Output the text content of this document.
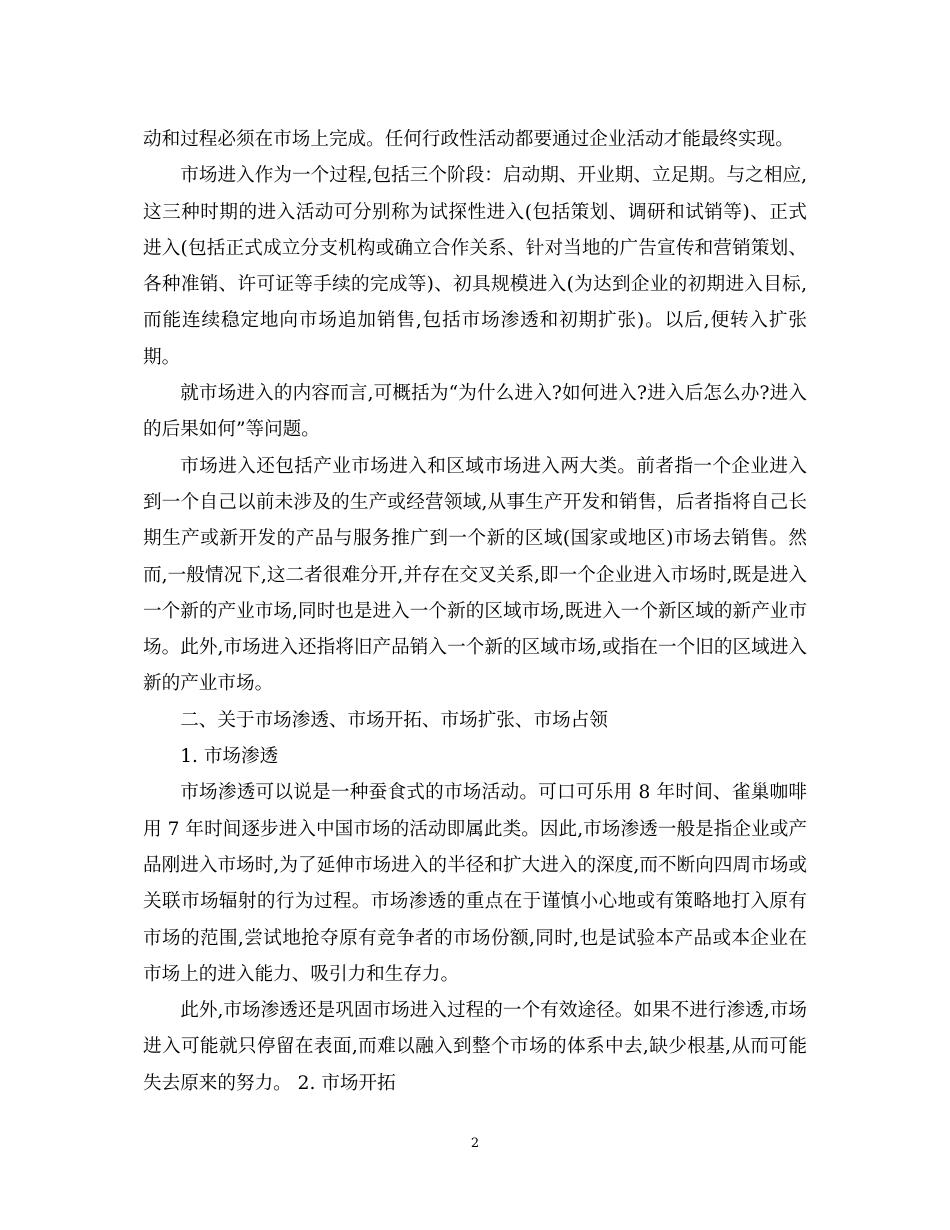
动和过程必须在市场上完成。任何行政性活动都要通过企业活动才能最终实现。

市场进入作为一个过程,包括三个阶段：启动期、开业期、立足期。与之相应,这三种时期的进入活动可分别称为试探性进入(包括策划、调研和试销等)、正式进入(包括正式成立分支机构或确立合作关系、针对当地的广告宣传和营销策划、各种准销、许可证等手续的完成等)、初具规模进入(为达到企业的初期进入目标,而能连续稳定地向市场追加销售,包括市场渗透和初期扩张)。以后,便转入扩张期。

就市场进入的内容而言,可概括为“为什么进入?如何进入?进入后怎么办?进入的后果如何”等问题。

市场进入还包括产业市场进入和区域市场进入两大类。前者指一个企业进入到一个自己以前未涉及的生产或经营领域,从事生产开发和销售，后者指将自己长期生产或新开发的产品与服务推广到一个新的区域(国家或地区)市场去销售。然而,一般情况下,这二者很难分开,并存在交叉关系,即一个企业进入市场时,既是进入一个新的产业市场,同时也是进入一个新的区域市场,既进入一个新区域的新产业市场。此外,市场进入还指将旧产品销入一个新的区域市场,或指在一个旧的区域进入新的产业市场。

二、关于市场渗透、市场开拓、市场扩张、市场占领

1. 市场渗透

市场渗透可以说是一种蚕食式的市场活动。可口可乐用 8 年时间、雀巢咖啡用 7 年时间逐步进入中国市场的活动即属此类。因此,市场渗透一般是指企业或产品刚进入市场时,为了延伸市场进入的半径和扩大进入的深度,而不断向四周市场或关联市场辐射的行为过程。市场渗透的重点在于谨慎小心地或有策略地打入原有市场的范围,尝试地抢夺原有竞争者的市场份额,同时,也是试验本产品或本企业在市场上的进入能力、吸引力和生存力。

此外,市场渗透还是巩固市场进入过程的一个有效途径。如果不进行渗透,市场进入可能就只停留在表面,而难以融入到整个市场的体系中去,缺少根基,从而可能失去原来的努力。 2. 市场开拓

2
